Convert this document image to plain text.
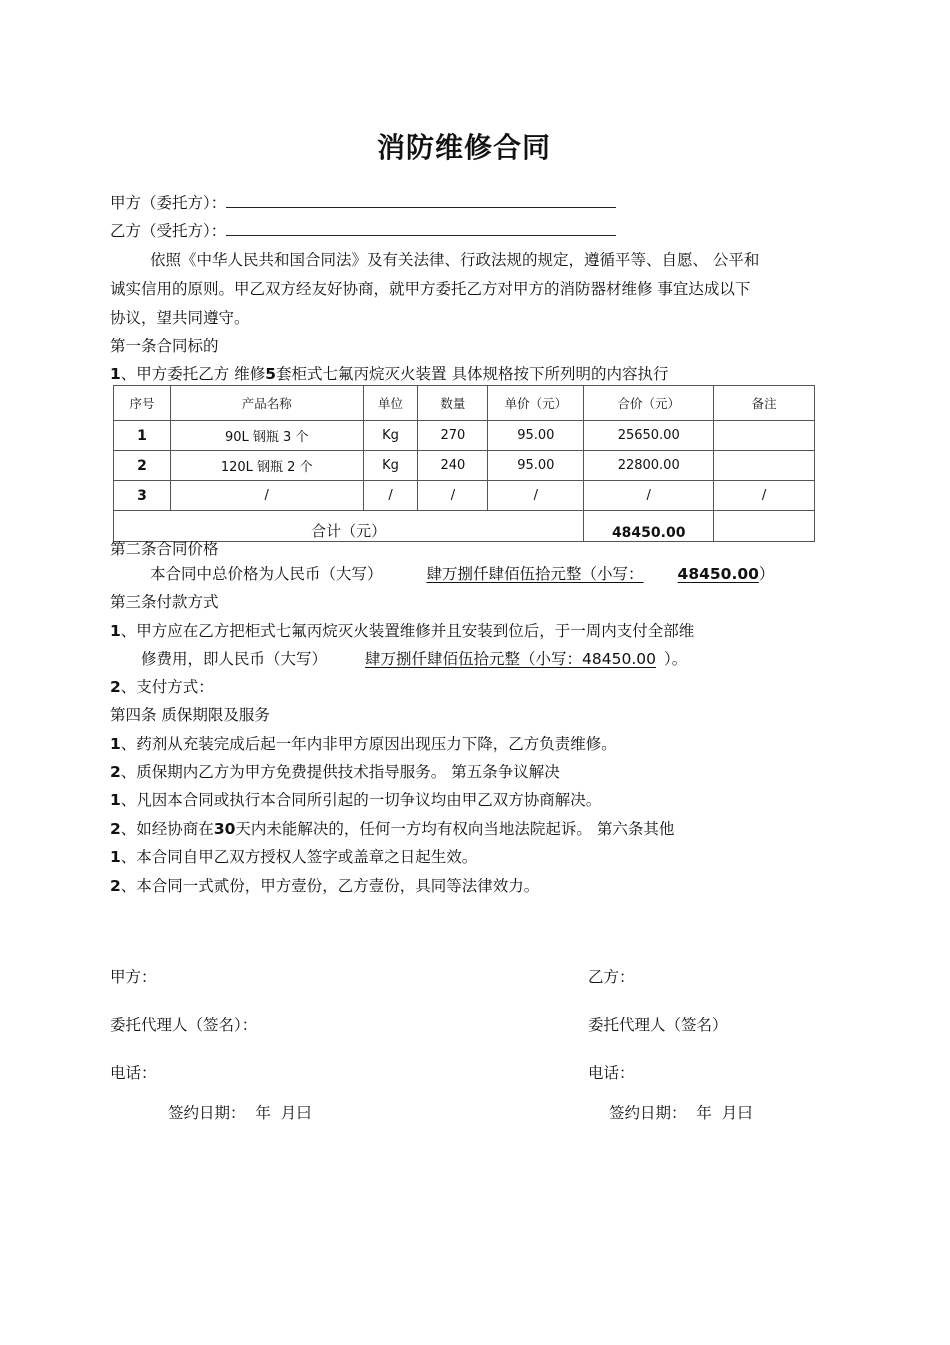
消防维修合同
甲方（委托方）：
乙方（受托方）：
依照《中华人民共和国合同法》及有关法律、行政法规的规定，遵循平等、自愿、 公平和
诚实信用的原则。甲乙双方经友好协商，就甲方委托乙方对甲方的消防器材维修 事宜达成以下
协议，望共同遵守。
第一条合同标的
1、甲方委托乙方 维修5套柜式七氟丙烷灭火装置 具体规格按下所列明的内容执行
序号	产品名称	单位	数量	单价（元）	合价（元）	备注
1	90L 钢瓶 3 个	Kg	270	95.00	25650.00	
2	120L 钢瓶 2 个	Kg	240	95.00	22800.00	
3	/	/	/	/	/	/
合计（元）					48450.00	
第二条合同价格
本合同中总价格为人民币（大写）	肆万捌仟肆佰伍拾元整（小写： 48450.00）
第三条付款方式
1、甲方应在乙方把柜式七氟丙烷灭火装置维修并且安装到位后，于一周内支付全部维
修费用，即人民币（大写） 肆万捌仟肆佰伍拾元整（小写：48450.00 ）。
2、支付方式：
第四条 质保期限及服务
1、药剂从充装完成后起一年内非甲方原因出现压力下降，乙方负责维修。
2、质保期内乙方为甲方免费提供技术指导服务。 第五条争议解决
1、凡因本合同或执行本合同所引起的一切争议均由甲乙双方协商解决。
2、如经协商在30天内未能解决的，任何一方均有权向当地法院起诉。 第六条其他
1、本合同自甲乙双方授权人签字或盖章之日起生效。
2、本合同一式贰份，甲方壹份，乙方壹份，具同等法律效力。
甲方：	乙方：
委托代理人（签名）：	委托代理人（签名）
电话：	电话：
签约日期：  年  月曰	签约日期：  年  月曰
